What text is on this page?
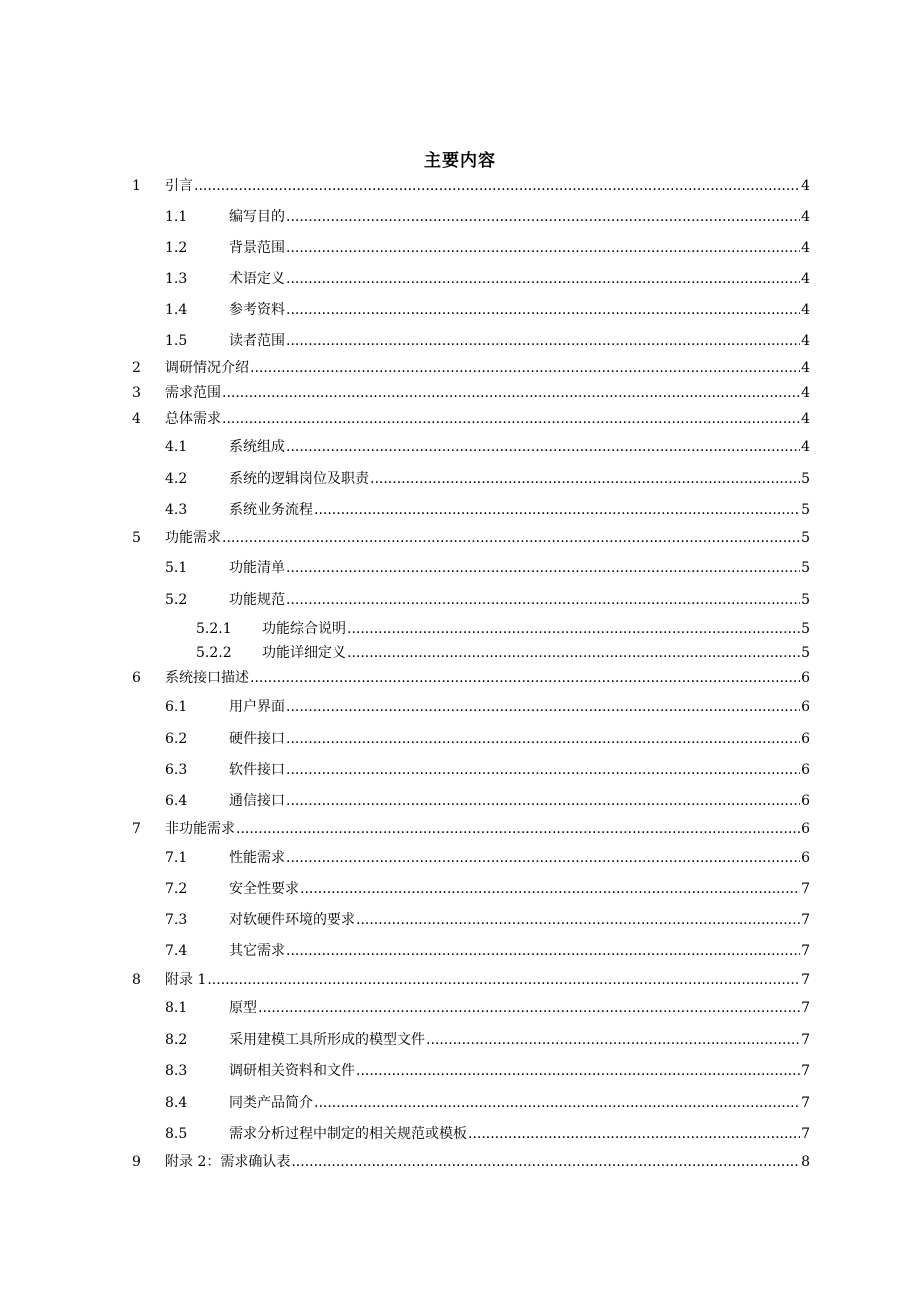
主要内容
1 引言 .....	4
1.1	编写目的 .....	4
1.2	背景范围 .....	4
1.3	术语定义 .....	4
1.4	参考资料 .....	4
1.5	读者范围 .....	4
2 调研情况介绍 .....	4
3 需求范围 .....	4
4 总体需求 .....	4
4.1	系统组成 .....	4
4.2	系统的逻辑岗位及职责 .....	5
4.3	系统业务流程 .....	5
5 功能需求 .....	5
5.1	功能清单 .....	5
5.2	功能规范 .....	5
5.2.1 功能综合说明 .....	5
5.2.2 功能详细定义 .....	5
6 系统接口描述 .....	6
6.1	用户界面 .....	6
6.2	硬件接口 .....	6
6.3	软件接口 .....	6
6.4	通信接口 .....	6
7 非功能需求 .....	6
7.1	性能需求 .....	6
7.2	安全性要求 .....	7
7.3	对软硬件环境的要求 .....	7
7.4	其它需求 .....	7
8 附录 1 .....	7
8.1	原型 .....	7
8.2	采用建模工具所形成的模型文件 .....	7
8.3	调研相关资料和文件 .....	7
8.4	同类产品简介 .....	7
8.5	需求分析过程中制定的相关规范或模板 .....	7
9 附录 2：需求确认表 .....	8
